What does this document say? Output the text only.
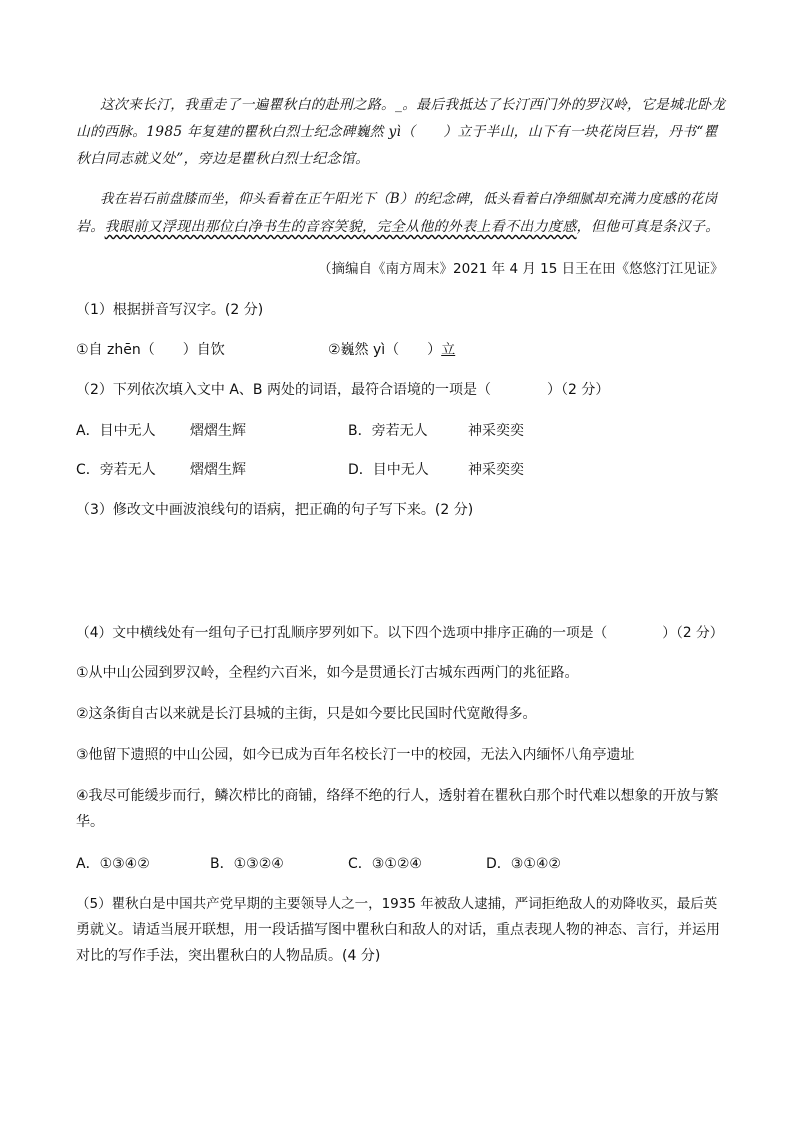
这次来长汀，我重走了一遍瞿秋白的赴刑之路。_。最后我抵达了长汀西门外的罗汉岭，它是城北卧龙
山的西脉。1985 年复建的瞿秋白烈士纪念碑巍然 yì（　　）立于半山，山下有一块花岗巨岩，丹书“瞿
秋白同志就义处”，旁边是瞿秋白烈士纪念馆。
我在岩石前盘膝而坐，仰头看着在正午阳光下（B）的纪念碑，低头看着白净细腻却充满力度感的花岗
岩。我眼前又浮现出那位白净书生的音容笑貌，完全从他的外表上看不出力度感，但他可真是条汉子。
（摘编自《南方周末》2021 年 4 月 15 日王在田《悠悠汀江见证》
（1）根据拼音写汉字。(2 分)
①自 zhēn（　　）自饮	②巍然 yì（　　）立
（2）下列依次填入文中 A、B 两处的词语，最符合语境的一项是（　　　　）（2 分）
A．目中无人 熠熠生辉	B．旁若无人	神采奕奕
C．旁若无人 熠熠生辉	D．目中无人	神采奕奕
（3）修改文中画波浪线句的语病，把正确的句子写下来。(2 分)
（4）文中横线处有一组句子已打乱顺序罗列如下。以下四个选项中排序正确的一项是（　　　　）（2 分）
①从中山公园到罗汉岭，全程约六百米，如今是贯通长汀古城东西两门的兆征路。
②这条街自古以来就是长汀县城的主街，只是如今要比民国时代宽敞得多。
③他留下遗照的中山公园，如今已成为百年名校长汀一中的校园，无法入内缅怀八角亭遗址
④我尽可能缓步而行，鳞次栉比的商铺，络绎不绝的行人，透射着在瞿秋白那个时代难以想象的开放与繁
华。
A．①③④②	B．①③②④	C．③①②④	D．③①④②
（5）瞿秋白是中国共产党早期的主要领导人之一，1935 年被敌人逮捕，严词拒绝敌人的劝降收买，最后英
勇就义。请适当展开联想，用一段话描写图中瞿秋白和敌人的对话，重点表现人物的神态、言行，并运用
对比的写作手法，突出瞿秋白的人物品质。(4 分)
